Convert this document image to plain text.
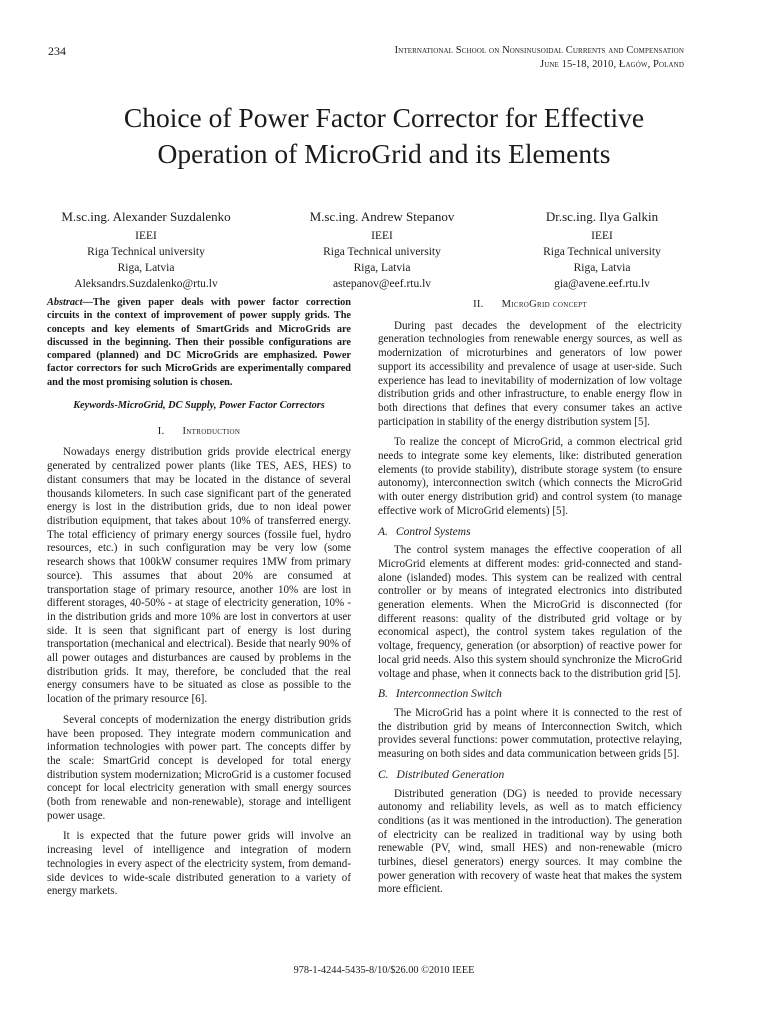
234	International School on Nonsinusoidal Currents and Compensation
June 15-18, 2010, Łagów, Poland
Choice of Power Factor Corrector for Effective
Operation of MicroGrid and its Elements
M.sc.ing. Alexander Suzdalenko
IEEI
Riga Technical university
Riga, Latvia
Aleksandrs.Suzdalenko@rtu.lv
M.sc.ing. Andrew Stepanov
IEEI
Riga Technical university
Riga, Latvia
astepanov@eef.rtu.lv
Dr.sc.ing. Ilya Galkin
IEEI
Riga Technical university
Riga, Latvia
gia@avene.eef.rtu.lv

Abstract—The given paper deals with power factor correction circuits in the context of improvement of power supply grids. The concepts and key elements of SmartGrids and MicroGrids are discussed in the beginning. Then their possible configurations are compared (planned) and DC MicroGrids are emphasized. Power factor correctors for such MicroGrids are experimentally compared and the most promising solution is chosen.

Keywords-MicroGrid, DC Supply, Power Factor Correctors

I. Introduction

Nowadays energy distribution grids provide electrical energy generated by centralized power plants (like TES, AES, HES) to distant consumers that may be located in the distance of several thousands kilometers. In such case significant part of the generated energy is lost in the distribution grids, due to non ideal power distribution equipment, that takes about 10% of transferred energy. The total efficiency of primary energy sources (fossile fuel, hydro resources, etc.) in such configuration may be very low (some research shows that 100kW consumer requires 1MW from primary source). This assumes that about 20% are consumed at transportation stage of primary resource, another 10% are lost in different storages, 40-50% - at stage of electricity generation, 10% - in the distribution grids and more 10% are lost in convertors at user side. It is seen that significant part of energy is lost during transportation (mechanical and electrical). Beside that nearly 90% of all power outages and disturbances are caused by problems in the distribution grids. It may, therefore, be concluded that the real energy consumers have to be situated as close as possible to the location of the primary resource [6].

Several concepts of modernization the energy distribution grids have been proposed. They integrate modern communication and information technologies with power part. The concepts differ by the scale: SmartGrid concept is developed for total energy distribution system modernization; MicroGrid is a customer focused concept for local electricity generation with small energy sources (both from renewable and non-renewable), storage and intelligent power usage.

It is expected that the future power grids will involve an increasing level of intelligence and integration of modern technologies in every aspect of the electricity system, from demand-side devices to wide-scale distributed generation to a variety of energy markets.

II. MicroGrid concept

During past decades the development of the electricity generation technologies from renewable energy sources, as well as modernization of microturbines and generators of low power support its accessibility and prevalence of usage at user-side. Such experience has lead to inevitability of modernization of low voltage distribution grids and other infrastructure, to enable energy flow in both directions that defines that every consumer takes an active participation in stability of the energy distribution system [5].

To realize the concept of MicroGrid, a common electrical grid needs to integrate some key elements, like: distributed generation elements (to provide stability), distribute storage system (to ensure autonomy), interconnection switch (which connects the MicroGrid with outer energy distribution grid) and control system (to manage effective work of MicroGrid elements) [5].

A. Control Systems

The control system manages the effective cooperation of all MicroGrid elements at different modes: grid-connected and stand-alone (islanded) modes. This system can be realized with central controller or by means of integrated electronics into distributed generation elements. When the MicroGrid is disconnected (for different reasons: quality of the distributed grid voltage or by economical aspect), the control system takes regulation of the voltage, frequency, generation (or absorption) of reactive power for local grid needs. Also this system should synchronize the MicroGrid voltage and phase, when it connects back to the distribution grid [5].

B. Interconnection Switch

The MicroGrid has a point where it is connected to the rest of the distribution grid by means of Interconnection Switch, which provides several functions: power commutation, protective relaying, measuring on both sides and data communication between grids [5].

C. Distributed Generation

Distributed generation (DG) is needed to provide necessary autonomy and reliability levels, as well as to match efficiency conditions (as it was mentioned in the introduction). The generation of electricity can be realized in traditional way by using both renewable (PV, wind, small HES) and non-renewable (micro turbines, diesel generators) energy sources. It may combine the power generation with recovery of waste heat that makes the system more efficient.

978-1-4244-5435-8/10/$26.00 ©2010 IEEE
